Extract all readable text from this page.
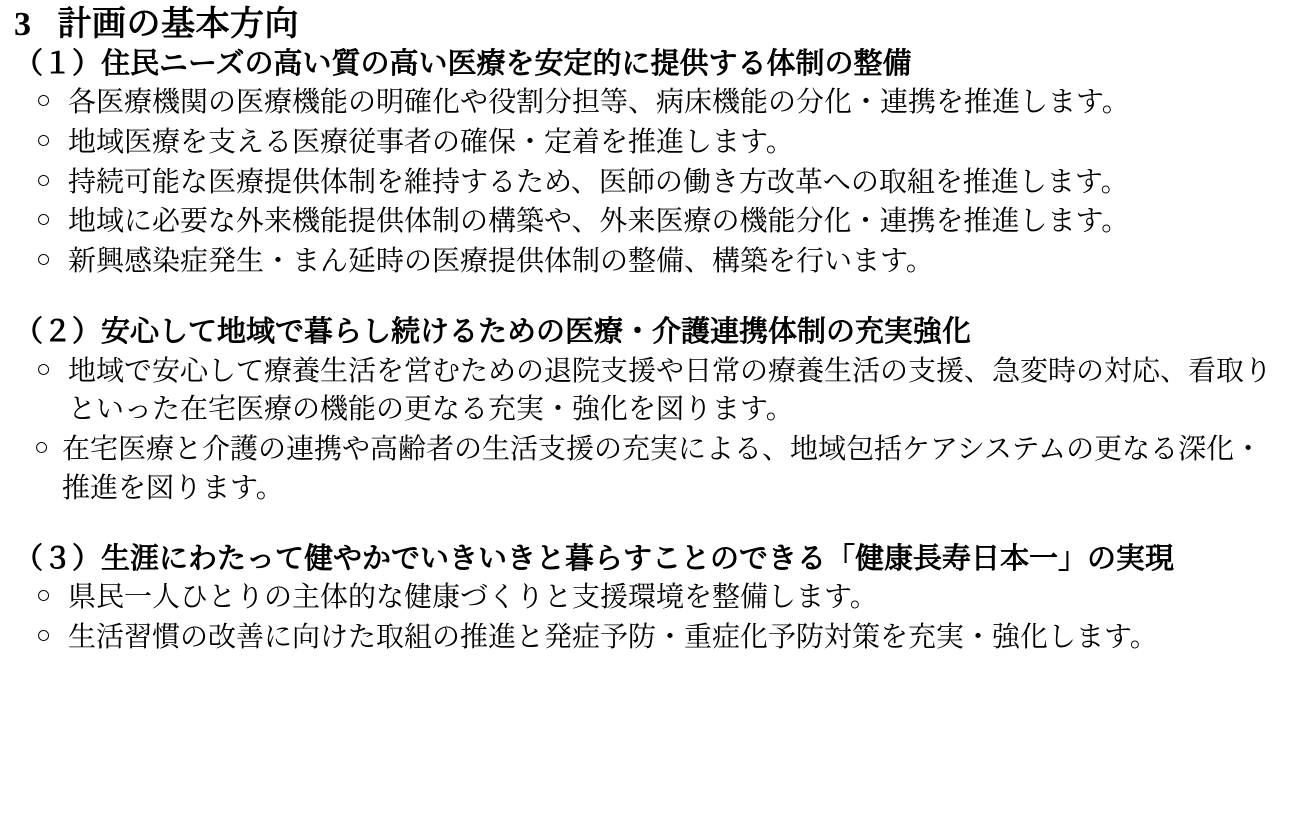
3 計画の基本方向
（１）住民ニーズの高い質の高い医療を安定的に提供する体制の整備
○ 各医療機関の医療機能の明確化や役割分担等、病床機能の分化・連携を推進します。
○ 地域医療を支える医療従事者の確保・定着を推進します。
○ 持続可能な医療提供体制を維持するため、医師の働き方改革への取組を推進します。
○ 地域に必要な外来機能提供体制の構築や、外来医療の機能分化・連携を推進します。
○ 新興感染症発生・まん延時の医療提供体制の整備、構築を行います。
（２）安心して地域で暮らし続けるための医療・介護連携体制の充実強化
○ 地域で安心して療養生活を営むための退院支援や日常の療養生活の支援、急変時の対応、看取りといった在宅医療の機能の更なる充実・強化を図ります。
○ 在宅医療と介護の連携や高齢者の生活支援の充実による、地域包括ケアシステムの更なる深化・推進を図ります。
（３）生涯にわたって健やかでいきいきと暮らすことのできる「健康長寿日本一」の実現
○ 県民一人ひとりの主体的な健康づくりと支援環境を整備します。
○ 生活習慣の改善に向けた取組の推進と発症予防・重症化予防対策を充実・強化します。
